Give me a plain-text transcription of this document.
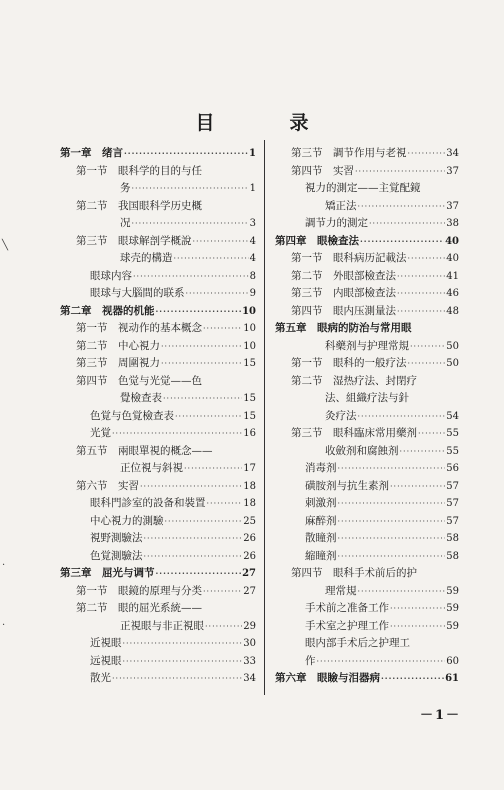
目　录
第一章　绪言 ·····	1
第一节　眼科学的目的与任
务 ·····	1
第二节　我国眼科学历史概
况 ·····	3
第三节　眼球解剖学概說 ·····	4
球壳的構造 ·····	4
眼球内容 ·····	8
眼球与大腦間的联系 ·····	9
第二章　视器的机能 ·····	10
第一节　视动作的基本概念 ·····	10
第二节　中心視力 ·····	10
第三节　周圍視力 ·····	15
第四节　色觉与光觉——色
覺檢查表 ·····	15
色覚与色覚檢查表 ·····	15
光覚 ·····	16
第五节　兩眼單視的概念——
正位視与斜視 ·····	17
第六节　实習 ·····	18
眼科門診室的設备和裝置 ·····	18
中心視力的測驗 ·····	25
視野測驗法 ·····	26
色覚測驗法 ·····	26
第三章　屈光与调节 ·····	27
第一节　眼鏡的原理与分类 ·····	27
第二节　眼的屈光系統——
正視眼与非正視眼 ·····	29
近視眼 ·····	30
远視眼 ·····	33
散光 ·····	34
第三节　調节作用与老視 ·····	34
第四节　实習 ·····	37
視力的測定——主覚配鏡
矯正法 ·····	37
調节力的測定 ·····	38
第四章　眼檢查法 ·····	40
第一节　眼科病历記載法 ·····	40
第二节　外眼部檢查法 ·····	41
第三节　内眼部檢查法 ·····	46
第四节　眼内压測量法 ·····	48
第五章　眼病的防治与常用眼
科藥剂与护理常規 ·····	50
第一节　眼科的一般疗法 ·····	50
第二节　湿热疗法、封閉疗
法、組織疗法与針
灸疗法 ·····	54
第三节　眼科臨床常用藥剂 ·····	55
收斂剂和腐蝕剂 ·····	55
消毒剂 ·····	56
磺胺剂与抗生素剂 ·····	57
刺激剂 ·····	57
麻醉剂 ·····	57
散瞳剂 ·····	58
縮瞳剂 ·····	58
第四节　眼科手术前后的护
理常規 ·····	59
手术前之准备工作 ·····	59
手术室之护理工作 ·····	59
眼内部手术后之护理工
作 ·····	60
第六章　眼瞼与泪器病 ·····	61
－1－
╲
·
·
